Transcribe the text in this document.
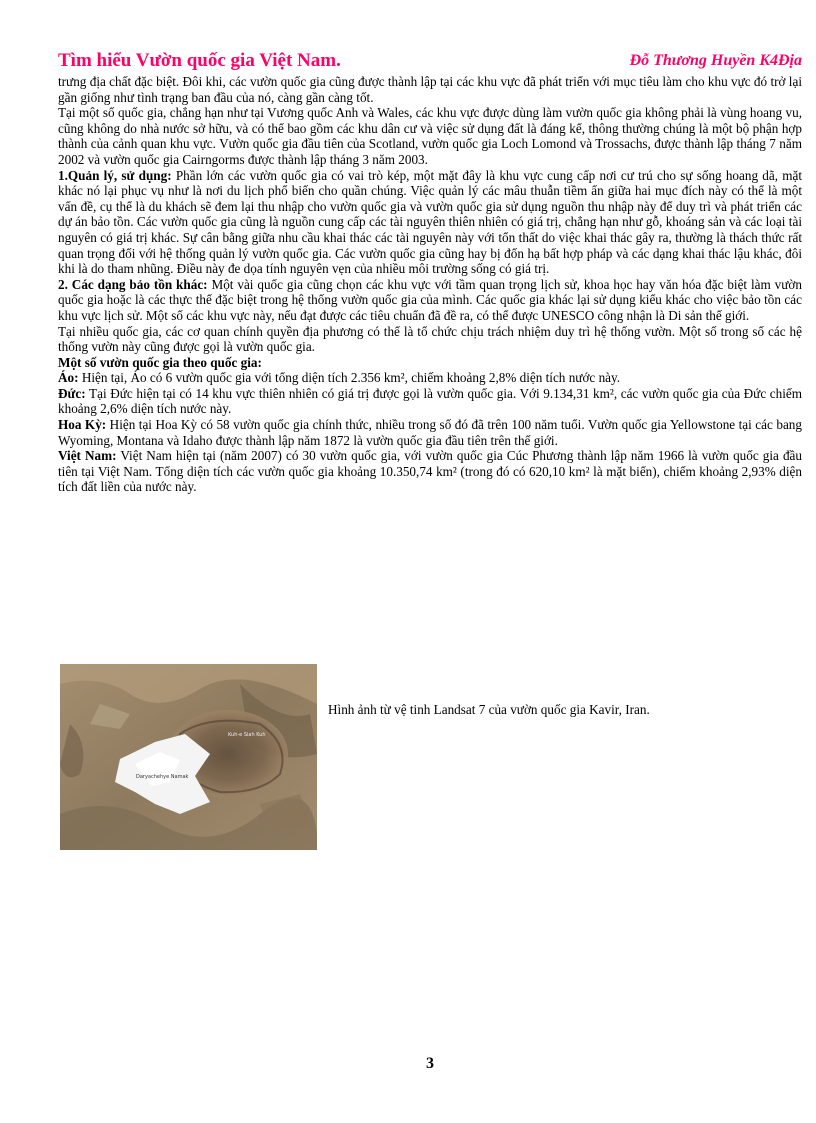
Tìm hiểu Vườn quốc gia Việt Nam.	Đỗ Thương Huyền K4Địa

trưng địa chất đặc biệt. Đôi khi, các vườn quốc gia cũng được thành lập tại các khu vực đã phát triển với mục tiêu làm cho khu vực đó trở lại gần giống như tình trạng ban đầu của nó, càng gần càng tốt.

Tại một số quốc gia, chẳng hạn như tại Vương quốc Anh và Wales, các khu vực được dùng làm vườn quốc gia không phải là vùng hoang vu, cũng không do nhà nước sở hữu, và có thể bao gồm các khu dân cư và việc sử dụng đất là đáng kể, thông thường chúng là một bộ phận hợp thành của cảnh quan khu vực. Vườn quốc gia đầu tiên của Scotland, vườn quốc gia Loch Lomond và Trossachs, được thành lập tháng 7 năm 2002 và vườn quốc gia Cairngorms được thành lập tháng 3 năm 2003.

1.Quản lý, sử dụng: Phần lớn các vườn quốc gia có vai trò kép, một mặt đây là khu vực cung cấp nơi cư trú cho sự sống hoang dã, mặt khác nó lại phục vụ như là nơi du lịch phổ biến cho quần chúng. Việc quản lý các mâu thuẫn tiềm ẩn giữa hai mục đích này có thể là một vấn đề, cụ thể là du khách sẽ đem lại thu nhập cho vườn quốc gia và vườn quốc gia sử dụng nguồn thu nhập này để duy trì và phát triển các dự án bảo tồn. Các vườn quốc gia cũng là nguồn cung cấp các tài nguyên thiên nhiên có giá trị, chẳng hạn như gỗ, khoáng sản và các loại tài nguyên có giá trị khác. Sự cân bằng giữa nhu cầu khai thác các tài nguyên này với tổn thất do việc khai thác gây ra, thường là thách thức rất quan trọng đối với hệ thống quản lý vườn quốc gia. Các vườn quốc gia cũng hay bị đốn hạ bất hợp pháp và các dạng khai thác lậu khác, đôi khi là do tham nhũng. Điều này đe dọa tính nguyên vẹn của nhiều môi trường sống có giá trị.

2. Các dạng bảo tồn khác: Một vài quốc gia cũng chọn các khu vực với tầm quan trọng lịch sử, khoa học hay văn hóa đặc biệt làm vườn quốc gia hoặc là các thực thể đặc biệt trong hệ thống vườn quốc gia của mình. Các quốc gia khác lại sử dụng kiểu khác cho việc bảo tồn các khu vực lịch sử. Một số các khu vực này, nếu đạt được các tiêu chuẩn đã đề ra, có thể được UNESCO công nhận là Di sản thế giới.

Tại nhiều quốc gia, các cơ quan chính quyền địa phương có thể là tổ chức chịu trách nhiệm duy trì hệ thống vườn. Một số trong số các hệ thống vườn này cũng được gọi là vườn quốc gia.

Một số vườn quốc gia theo quốc gia:

Áo: Hiện tại, Áo có 6 vườn quốc gia với tổng diện tích 2.356 km², chiếm khoảng 2,8% diện tích nước này.

Đức: Tại Đức hiện tại có 14 khu vực thiên nhiên có giá trị được gọi là vườn quốc gia. Với 9.134,31 km², các vườn quốc gia của Đức chiếm khoảng 2,6% diện tích nước này.

Hoa Kỳ: Hiện tại Hoa Kỳ có 58 vườn quốc gia chính thức, nhiều trong số đó đã trên 100 năm tuổi. Vườn quốc gia Yellowstone tại các bang Wyoming, Montana và Idaho được thành lập năm 1872 là vườn quốc gia đầu tiên trên thế giới.

Việt Nam: Việt Nam hiện tại (năm 2007) có 30 vườn quốc gia, với vườn quốc gia Cúc Phương thành lập năm 1966 là vườn quốc gia đầu tiên tại Việt Nam. Tổng diện tích các vườn quốc gia khoảng 10.350,74 km² (trong đó có 620,10 km² là mặt biển), chiếm khoảng 2,93% diện tích đất liền của nước này.

Daryachehye Namak
Kuh-e Siah Kuh
Hình ảnh từ vệ tinh Landsat 7 của vườn quốc gia Kavir, Iran.
3
